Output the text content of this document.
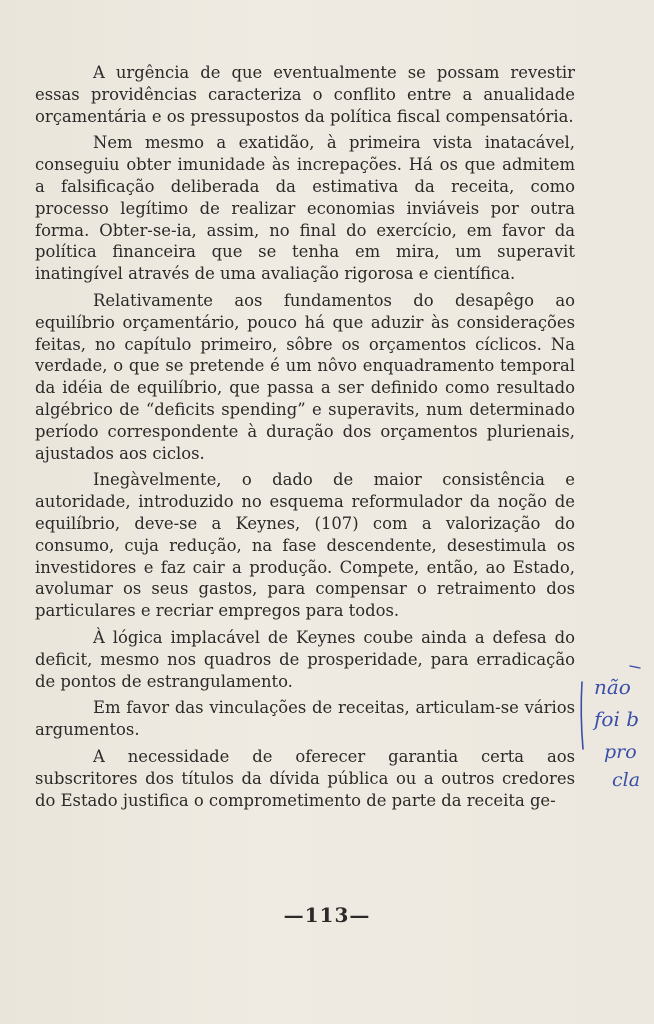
A urgência de que eventualmente se possam revestir essas providências caracteriza o conflito entre a anualidade orçamentária e os pressupostos da política fiscal compensatória.

Nem mesmo a exatidão, à primeira vista inatacável, conseguiu obter imunidade às increpações. Há os que admitem a falsificação deliberada da estimativa da receita, como processo legítimo de realizar economias inviáveis por outra forma. Obter-se-ia, assim, no final do exercício, em favor da política financeira que se tenha em mira, um superavit inatingível através de uma avaliação rigorosa e científica.

Relativamente aos fundamentos do desapêgo ao equilíbrio orçamentário, pouco há que aduzir às considerações feitas, no capítulo primeiro, sôbre os orçamentos cíclicos. Na verdade, o que se pretende é um nôvo enquadramento temporal da idéia de equilíbrio, que passa a ser definido como resultado algébrico de “deficits spending” e superavits, num determinado período correspondente à duração dos orçamentos plurienais, ajustados aos ciclos.

Inegàvelmente, o dado de maior consistência e autoridade, introduzido no esquema reformulador da noção de equilíbrio, deve-se a Keynes, (107) com a valorização do consumo, cuja redução, na fase descendente, desestimula os investidores e faz cair a produção. Compete, então, ao Estado, avolumar os seus gastos, para compensar o retraimento dos particulares e recriar empregos para todos.

À lógica implacável de Keynes coube ainda a defesa do deficit, mesmo nos quadros de prosperidade, para erradicação de pontos de estrangulamento.

Em favor das vinculações de receitas, articulam-se vários argumentos.

A necessidade de oferecer garantia certa aos subscritores dos títulos da dívida pública ou a outros credores do Estado justifica o comprometimento de parte da receita ge-

—113—
não
foi b
pro
cla
